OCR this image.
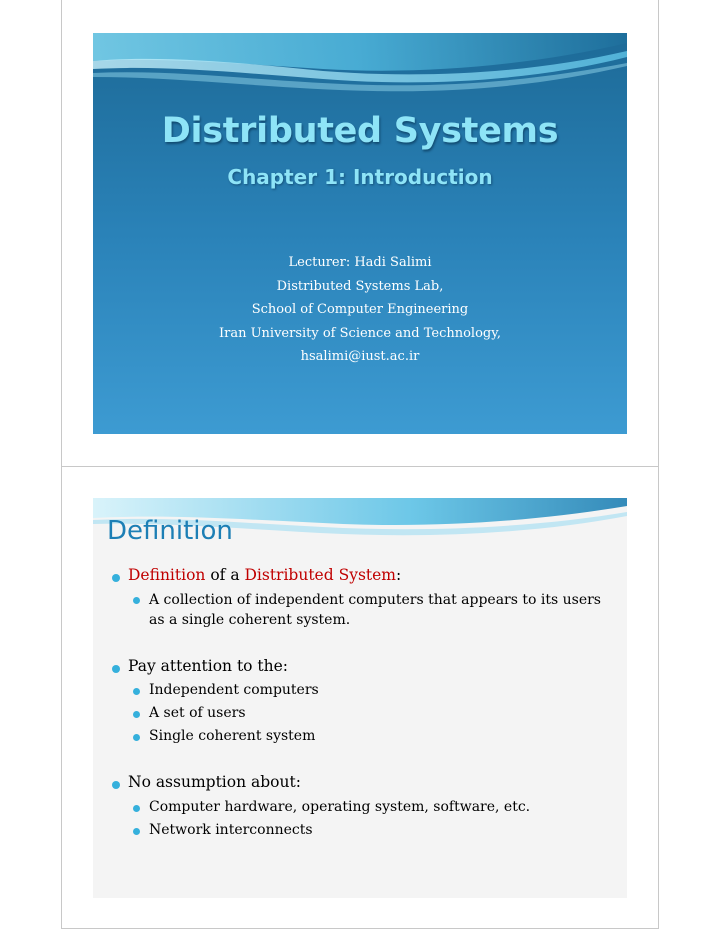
Distributed Systems
Chapter 1: Introduction
Lecturer: Hadi Salimi
Distributed Systems Lab,
School of Computer Engineering
Iran University of Science and Technology,
hsalimi@iust.ac.ir
Definition
Definition of a Distributed System:
A collection of independent computers that appears to its users as a single coherent system.
Pay attention to the:
Independent computers
A set of users
Single coherent system
No assumption about:
Computer hardware, operating system, software, etc.
Network interconnects
